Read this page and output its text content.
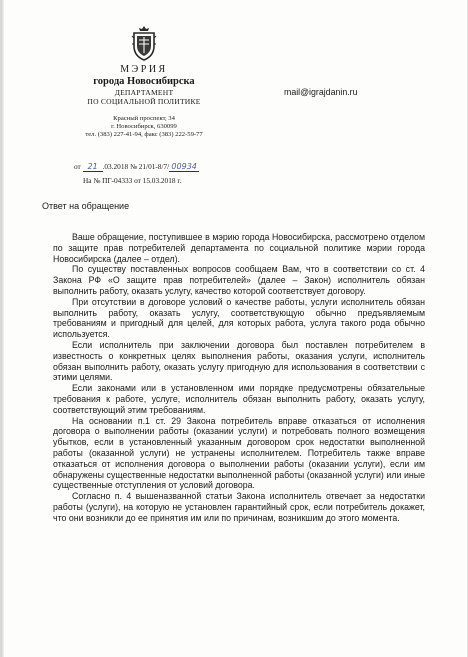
МЭРИЯ
города Новосибирска
ДЕПАРТАМЕНТ
ПО СОЦИАЛЬНОЙ ПОЛИТИКЕ
Красный проспект, 34
г. Новосибирск, 630099
тел. (383) 227-41-94, факс (383) 222-59-77
mail@igrajdanin.ru
от 21 .03.2018 № 21/01-8/7/ 00934
На № ПГ-04333 от 15.03.2018 г.
Ответ на обращение

Ваше обращение, поступившее в мэрию города Новосибирска, рассмотрено отделом по защите прав потребителей департамента по социальной политике мэрии города Новосибирска (далее – отдел).

По существу поставленных вопросов сообщаем Вам, что в соответствии со ст. 4 Закона РФ «О защите прав потребителей» (далее – Закон) исполнитель обязан выполнить работу, оказать услугу, качество которой соответствует договору.

При отсутствии в договоре условий о качестве работы, услуги исполнитель обязан выполнить работу, оказать услугу, соответствующую обычно предъявляемым требованиям и пригодный для целей, для которых работа, услуга такого рода обычно используется.

Если исполнитель при заключении договора был поставлен потребителем в известность о конкретных целях выполнения работы, оказания услуги, исполнитель обязан выполнить работу, оказать услугу пригодную для использования в соответствии с этими целями.

Если законами или в установленном ими порядке предусмотрены обязательные требования к работе, услуге, исполнитель обязан выполнить работу, оказать услугу, соответствующий этим требованиям.

На основании п.1 ст. 29 Закона потребитель вправе отказаться от исполнения договора о выполнении работы (оказании услуги) и потребовать полного возмещения убытков, если в установленный указанным договором срок недостатки выполненной работы (оказанной услуги) не устранены исполнителем. Потребитель также вправе отказаться от исполнения договора о выполнении работы (оказании услуги), если им обнаружены существенные недостатки выполненной работы (оказанной услуги) или иные существенные отступления от условий договора.

Согласно п. 4 вышеназванной статьи Закона исполнитель отвечает за недостатки работы (услуги), на которую не установлен гарантийный срок, если потребитель докажет, что они возникли до ее принятия им или по причинам, возникшим до этого момента.
